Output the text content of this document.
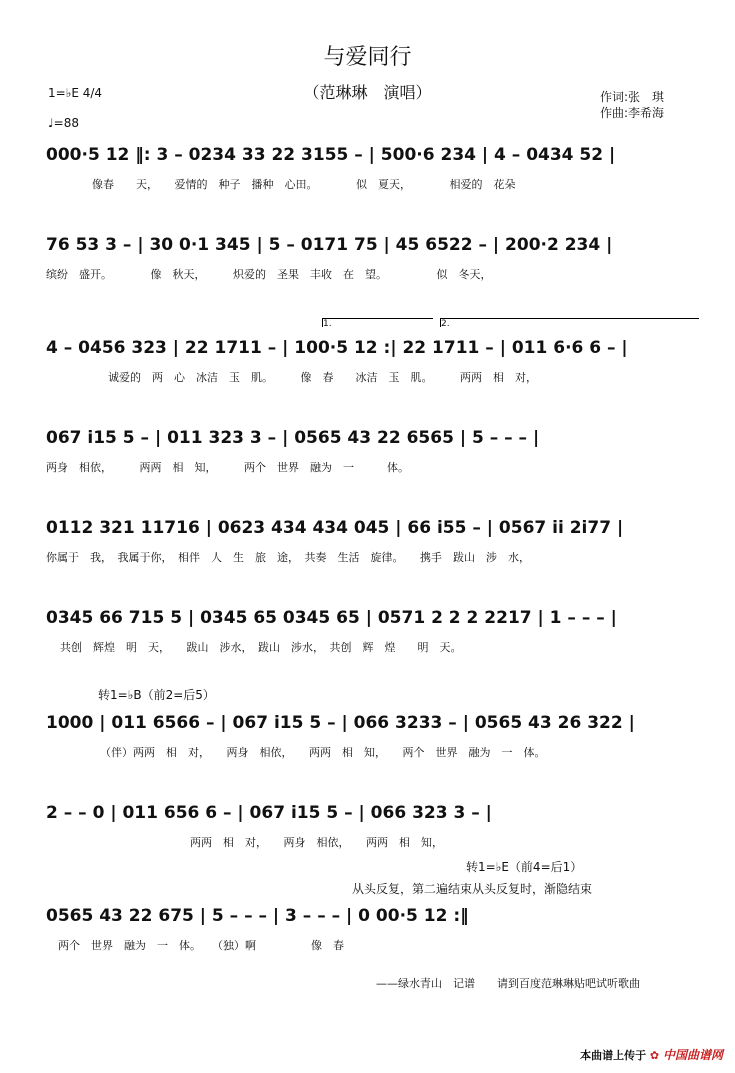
与爱同行
（范琳琳　演唱）	作词:张　琪
作曲:李希海
1=♭E 4/4
♩=88
000·5 12 ‖: 3 – 0234 33 22 3155 – | 500·6 234 | 4 – 0434 52 |
像春　　天，　　爱情的　种子　播种　心田。　　　　似　夏天，　　　　相爱的　花朵
76 53 3 – | 30 0·1 345 | 5 – 0171 75 | 45 6522 – | 200·2 234 |
缤纷　盛开。　　　　像　秋天，　　　炽爱的　圣果　丰收　在　望。　　　　　似　冬天，
1.	2.
4 – 0456 323 | 22 1711 – | 100·5 12 :| 22 1711 – | 011 6·6 6 – |
诚爱的　两　心　冰洁　玉　肌。　　　像　春　　冰洁　玉　肌。　　　两两　相　对，
067 i15 5 – | 011 323 3 – | 0565 43 22 6565 | 5 – – – |
两身　相依，　　　两两　相　知，　　　两个　世界　融为　一　　　体。
0112 321 11716 | 0623 434 434 045 | 66 i55 – | 0567 ii 2i77 |
你属于　我，　我属于你，　相伴　人　生　旅　途，　共奏　生活　旋律。　　携手　跋山　涉　水，
0345 66 715 5 | 0345 65 0345 65 | 0571 2 2 2 2217 | 1 – – – |
共创　辉煌　明　天，　　跋山　涉水，　跋山　涉水，　共创　辉　煌　　明　天。
转1=♭B（前2=后5）
1000 | 011 6566 – | 067 i15 5 – | 066 3233 – | 0565 43 26 322 |
（伴）两两　相　对，　　两身　相依，　　两两　相　知，　　两个　世界　融为　一　体。
2 – – 0 | 011 656 6 – | 067 i15 5 – | 066 323 3 – |
两两　相　对，　　两身　相依，　　两两　相　知，
转1=♭E（前4=后1）
从头反复，第二遍结束从头反复时，渐隐结束
0565 43 22 675 | 5 – – – | 3 – – – | 0 00·5 12 :‖
两个　世界　融为　一　体。　　（独）啊　　　　　像　春
——绿水青山　记谱　　请到百度范琳琳贴吧试听歌曲
本曲谱上传于 ✿ 中国曲谱网
